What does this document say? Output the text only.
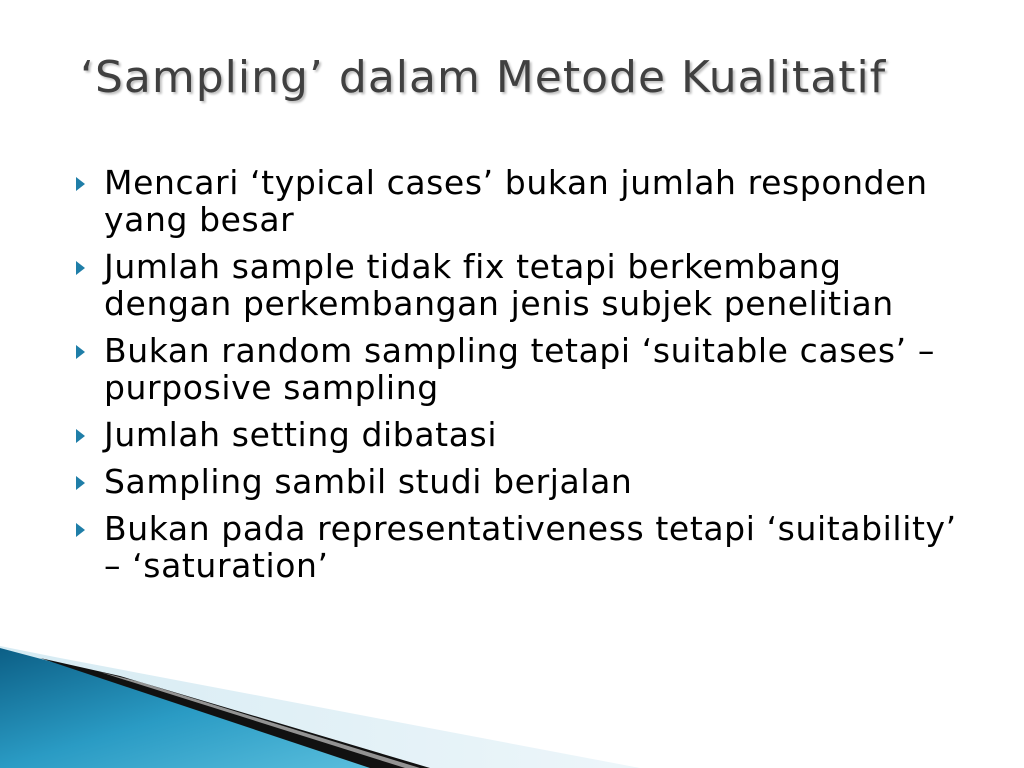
‘Sampling’ dalam Metode Kualitatif
Mencari ‘typical cases’ bukan jumlah responden yang besar
Jumlah sample tidak fix tetapi berkembang dengan perkembangan jenis subjek penelitian
Bukan random sampling tetapi ‘suitable cases’ – purposive sampling
Jumlah setting dibatasi
Sampling sambil studi berjalan
Bukan pada representativeness tetapi ‘suitability’ – ‘saturation’
